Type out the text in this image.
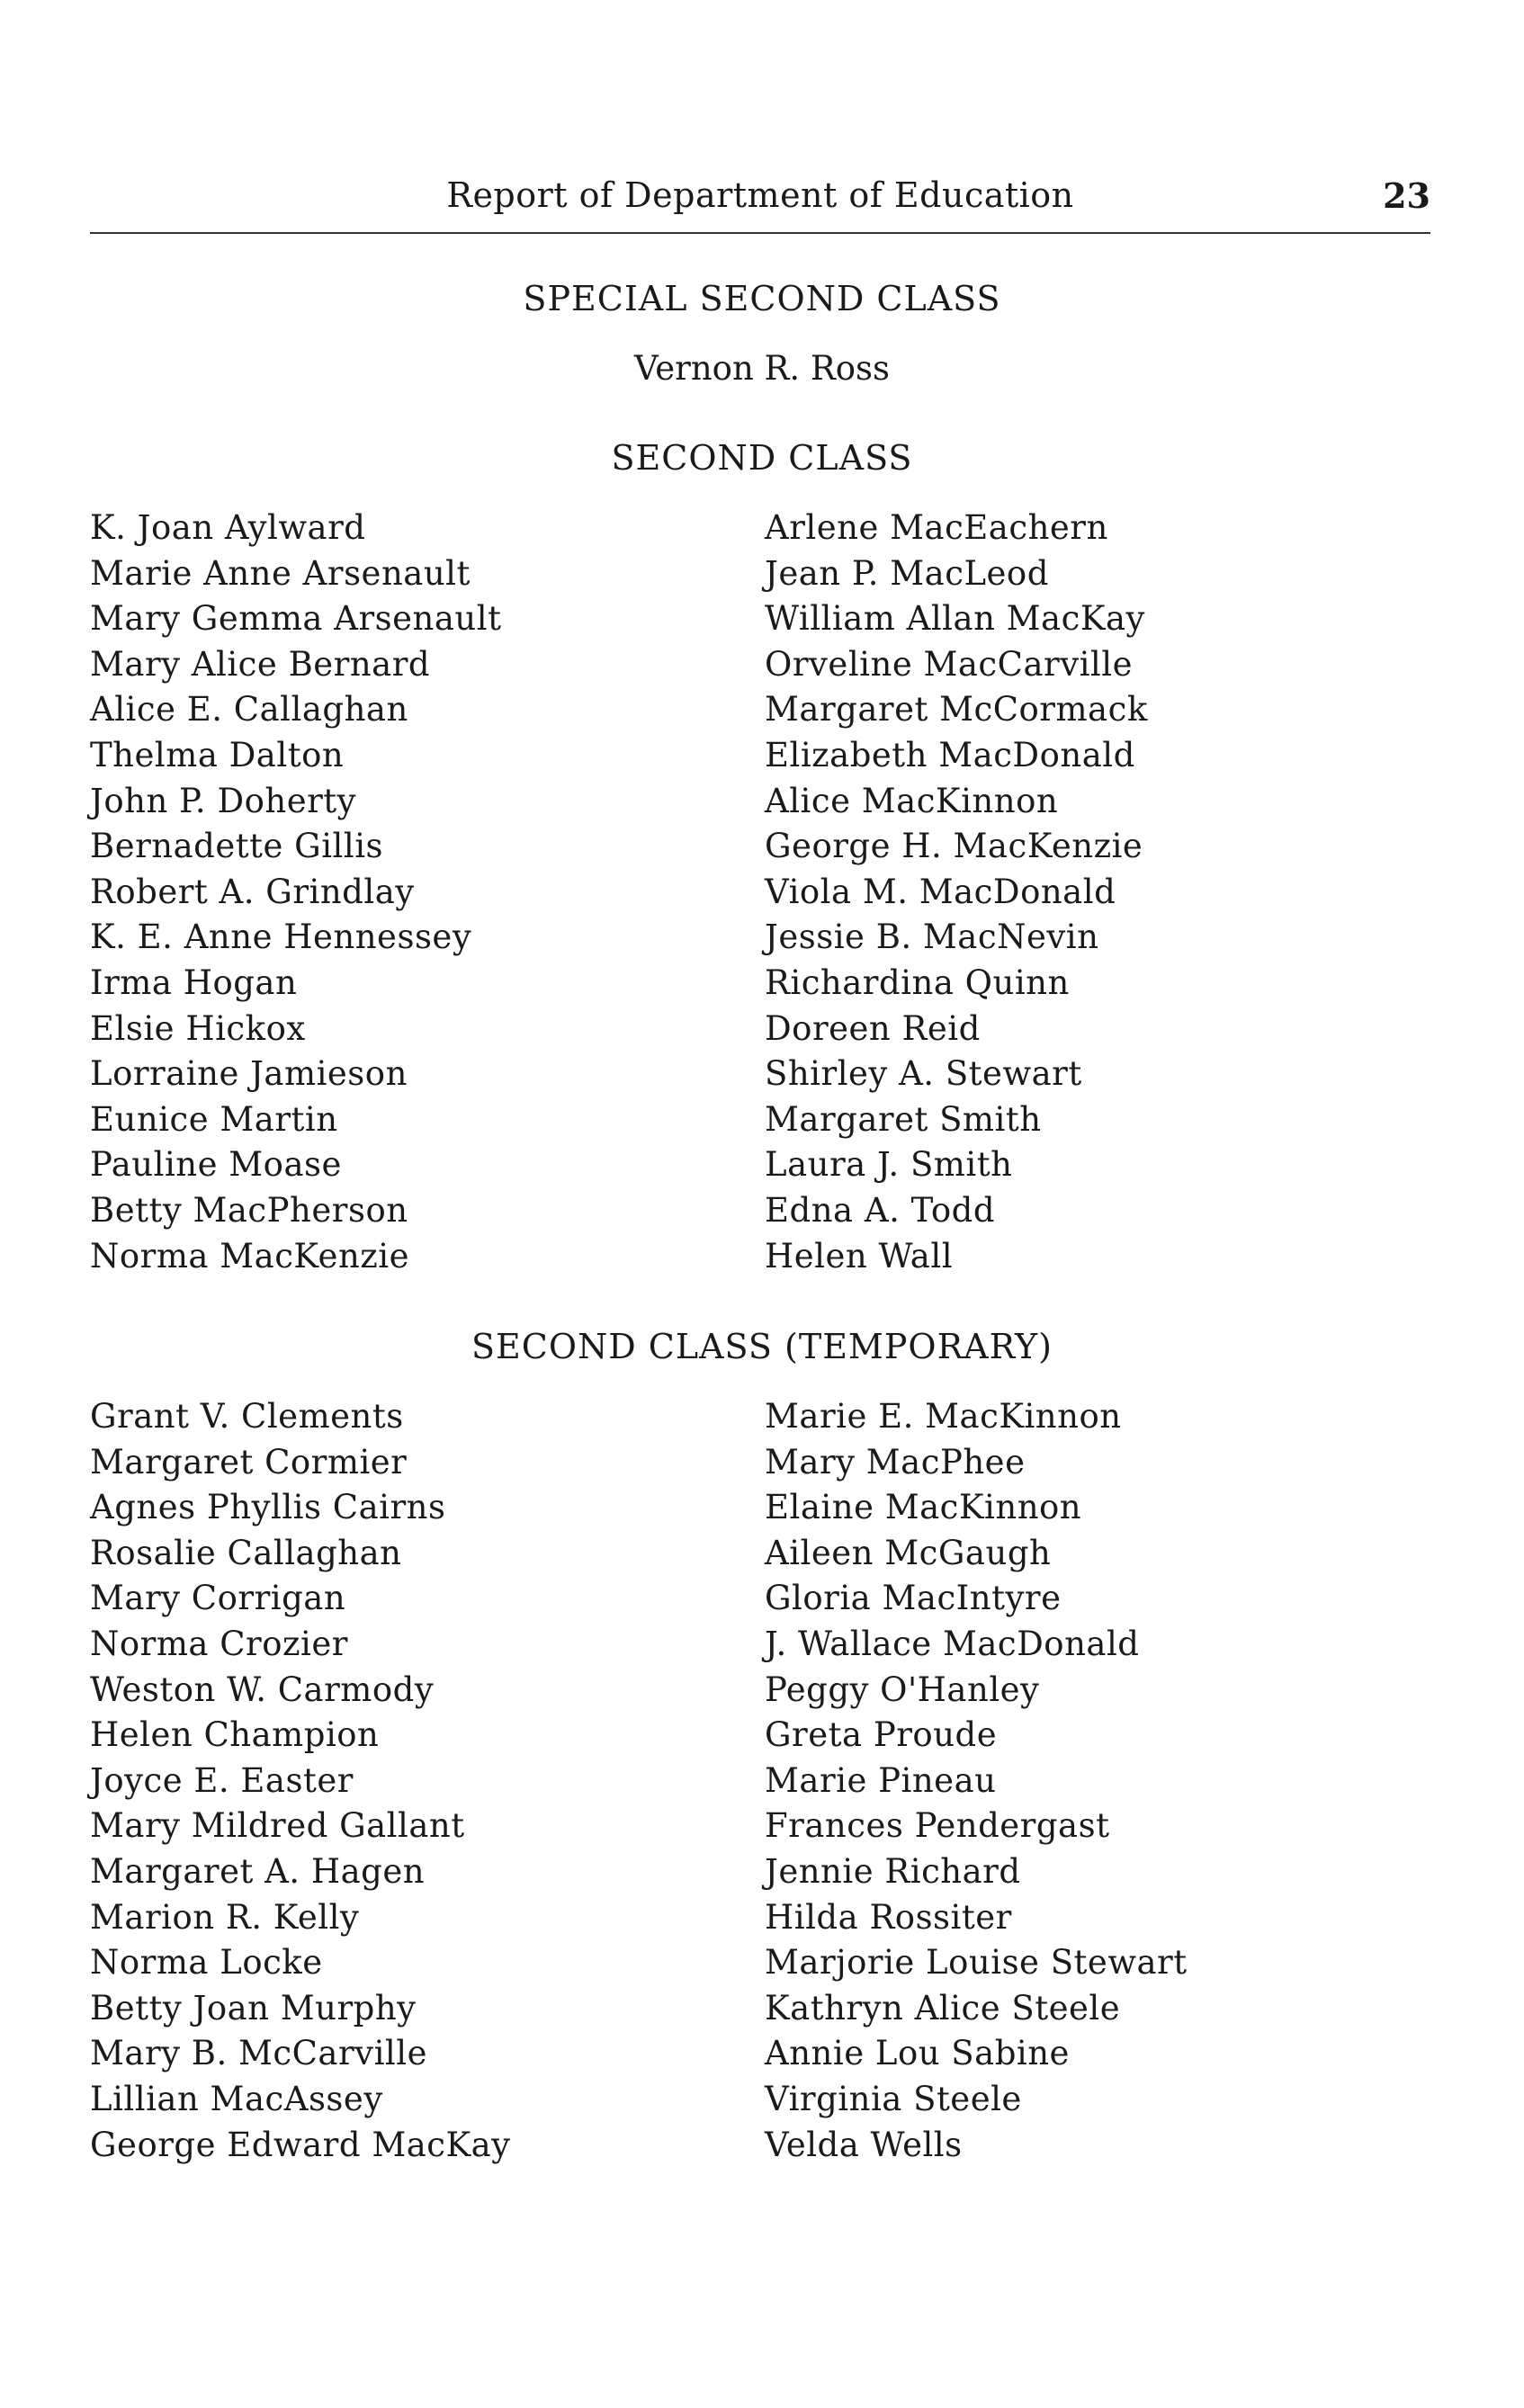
Report of Department of Education	23
SPECIAL SECOND CLASS
Vernon R. Ross
SECOND CLASS
K. Joan Aylward
Marie Anne Arsenault
Mary Gemma Arsenault
Mary Alice Bernard
Alice E. Callaghan
Thelma Dalton
John P. Doherty
Bernadette Gillis
Robert A. Grindlay
K. E. Anne Hennessey
Irma Hogan
Elsie Hickox
Lorraine Jamieson
Eunice Martin
Pauline Moase
Betty MacPherson
Norma MacKenzie
Arlene MacEachern
Jean P. MacLeod
William Allan MacKay
Orveline MacCarville
Margaret McCormack
Elizabeth MacDonald
Alice MacKinnon
George H. MacKenzie
Viola M. MacDonald
Jessie B. MacNevin
Richardina Quinn
Doreen Reid
Shirley A. Stewart
Margaret Smith
Laura J. Smith
Edna A. Todd
Helen Wall
SECOND CLASS (TEMPORARY)
Grant V. Clements
Margaret Cormier
Agnes Phyllis Cairns
Rosalie Callaghan
Mary Corrigan
Norma Crozier
Weston W. Carmody
Helen Champion
Joyce E. Easter
Mary Mildred Gallant
Margaret A. Hagen
Marion R. Kelly
Norma Locke
Betty Joan Murphy
Mary B. McCarville
Lillian MacAssey
George Edward MacKay
Marie E. MacKinnon
Mary MacPhee
Elaine MacKinnon
Aileen McGaugh
Gloria MacIntyre
J. Wallace MacDonald
Peggy O'Hanley
Greta Proude
Marie Pineau
Frances Pendergast
Jennie Richard
Hilda Rossiter
Marjorie Louise Stewart
Kathryn Alice Steele
Annie Lou Sabine
Virginia Steele
Velda Wells
